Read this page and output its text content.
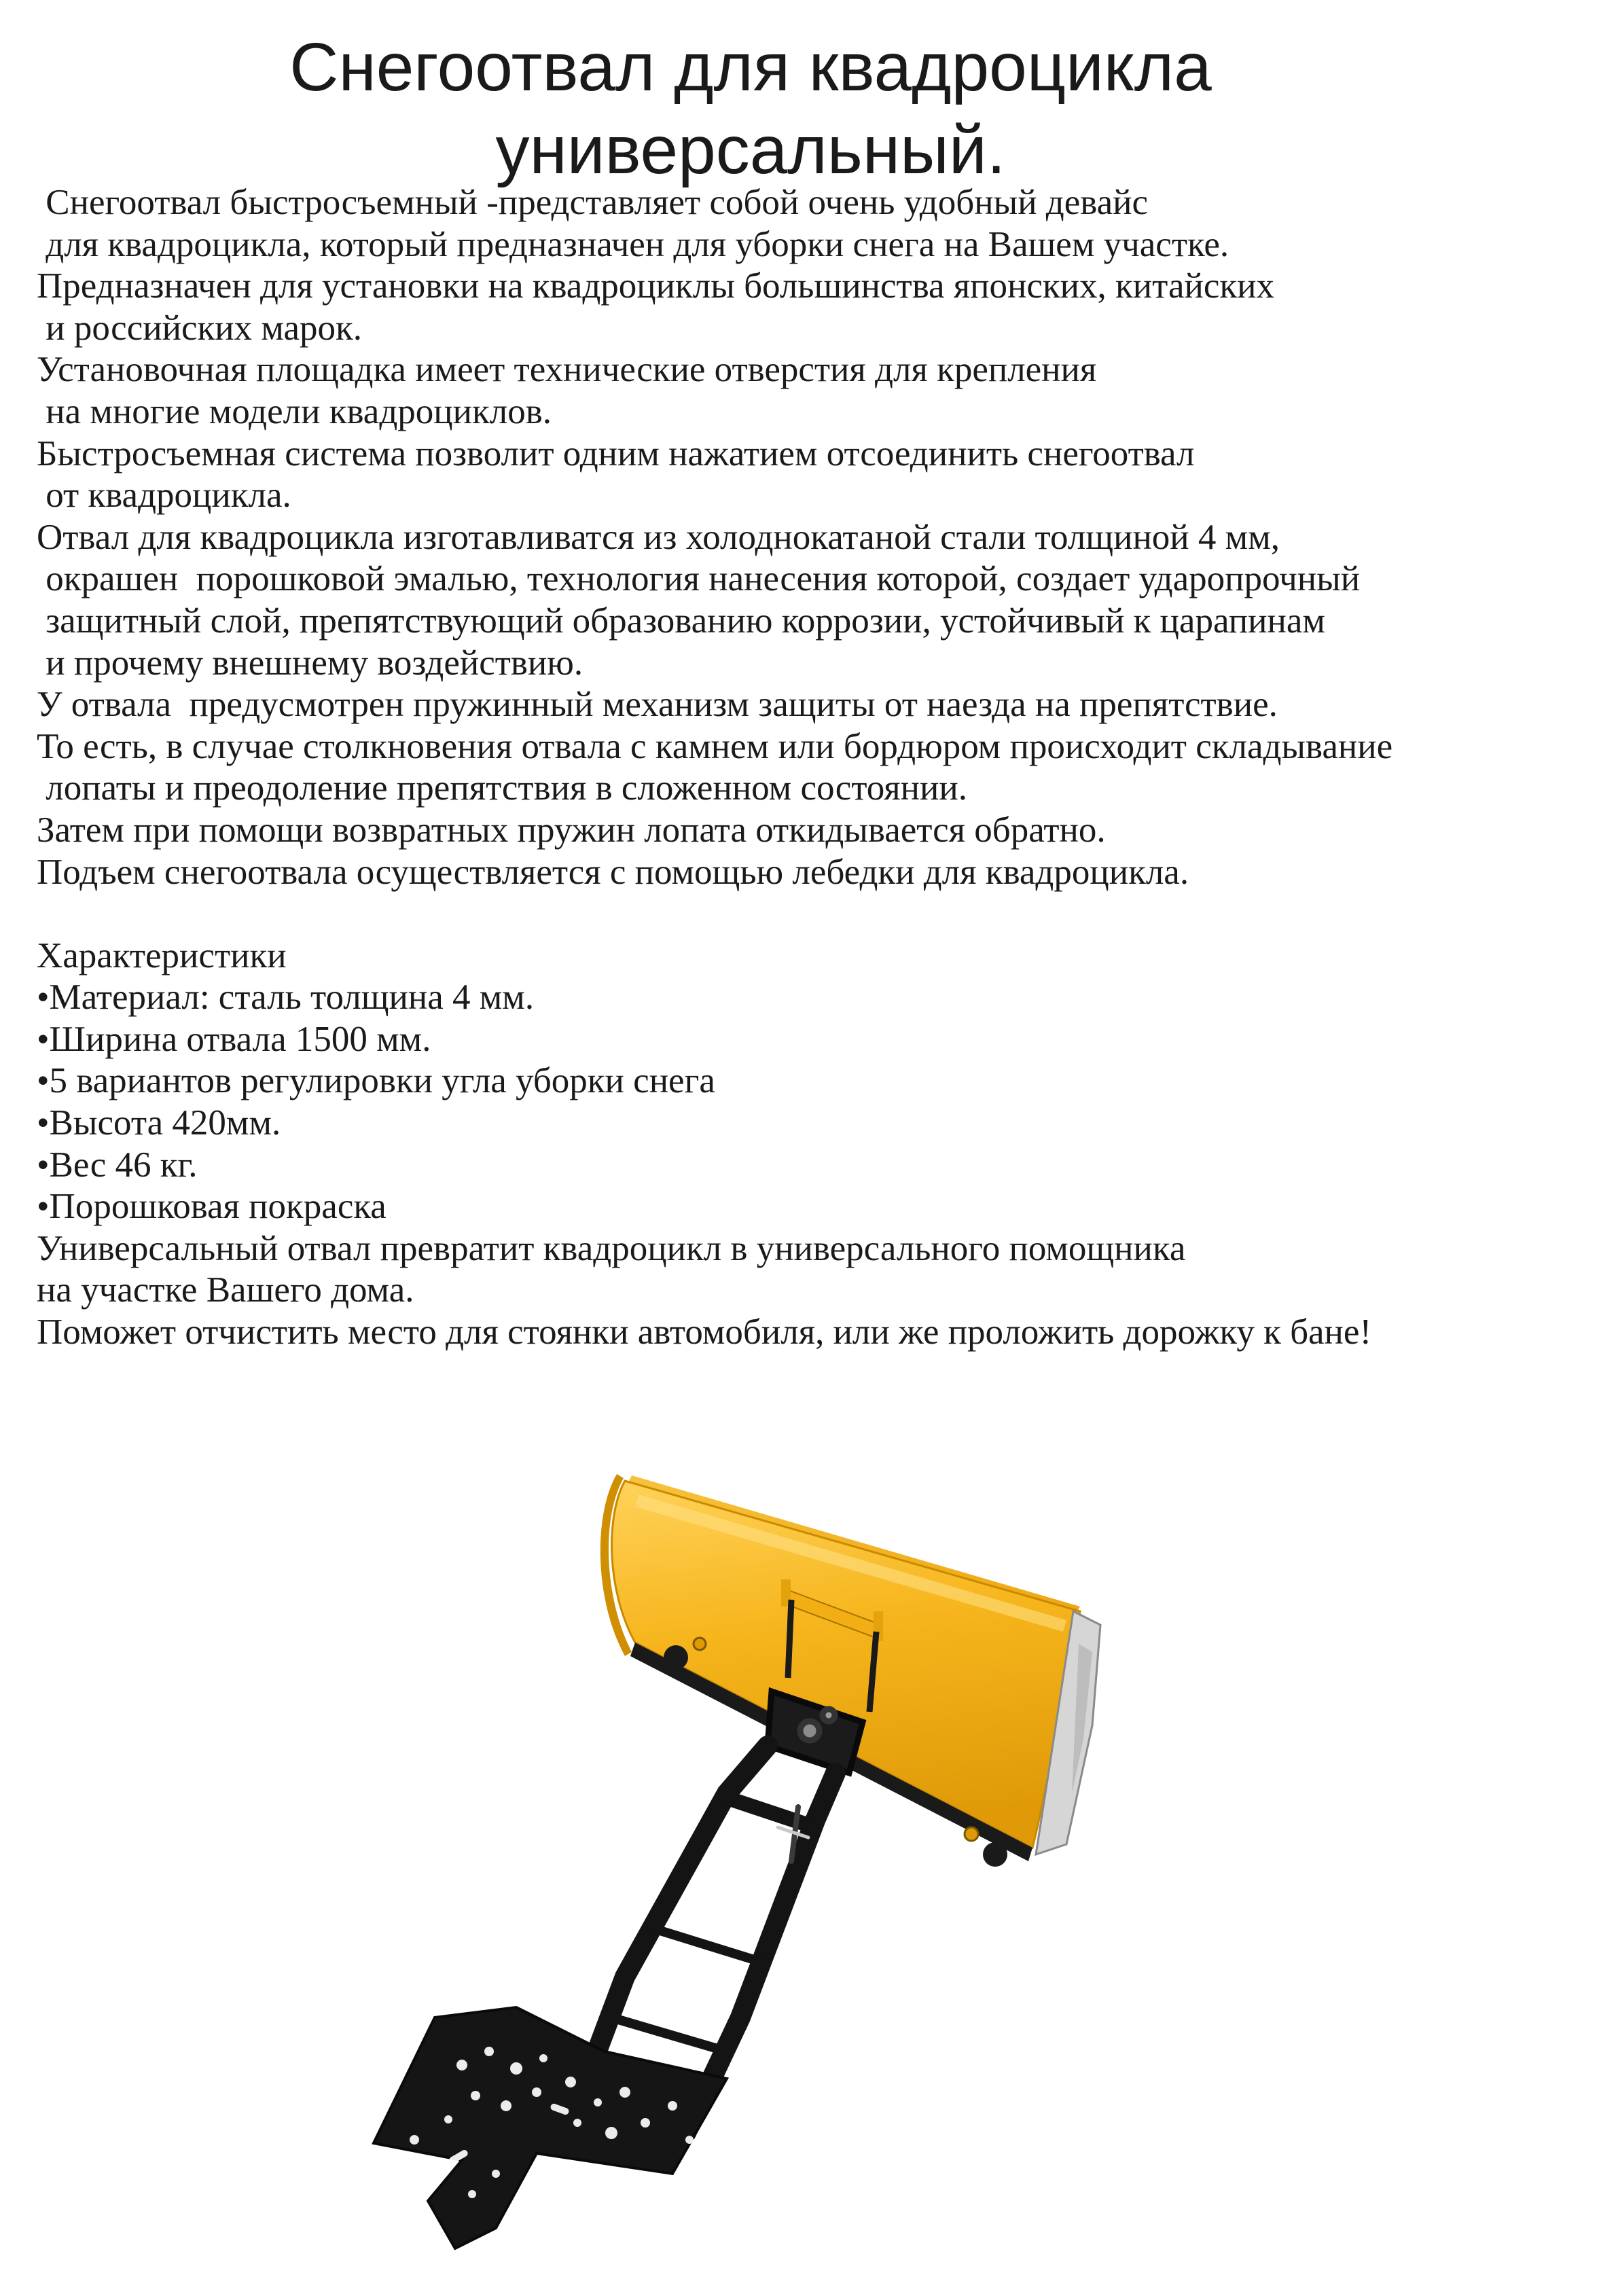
Снегоотвал для квадроцикла
универсальный.
Снегоотвал быстросъемный -представляет собой очень удобный девайс
для квадроцикла, который предназначен для уборки снега на Вашем участке.
Предназначен для установки на квадроциклы большинства японских, китайских
и российских марок.
Установочная площадка имеет технические отверстия для крепления
на многие модели квадроциклов.
Быстросъемная система позволит одним нажатием отсоединить снегоотвал
от квадроцикла.
Отвал для квадроцикла изготавливатся из холоднокатаной стали толщиной 4 мм,
окрашен  порошковой эмалью, технология нанесения которой, создает ударопрочный
защитный слой, препятствующий образованию коррозии, устойчивый к царапинам
и прочему внешнему воздействию.
У отвала  предусмотрен пружинный механизм защиты от наезда на препятствие.
То есть, в случае столкновения отвала с камнем или бордюром происходит складывание
лопаты и преодоление препятствия в сложенном состоянии.
Затем при помощи возвратных пружин лопата откидывается обратно.
Подъем снегоотвала осуществляется с помощью лебедки для квадроцикла.
Характеристики
•Материал: сталь толщина 4 мм.
•Ширина отвала 1500 мм.
•5 вариантов регулировки угла уборки снега
•Высота 420мм.
•Вес 46 кг.
•Порошковая покраска
Универсальный отвал превратит квадроцикл в универсального помощника
на участке Вашего дома.
Поможет отчистить место для стоянки автомобиля, или же проложить дорожку к бане!
